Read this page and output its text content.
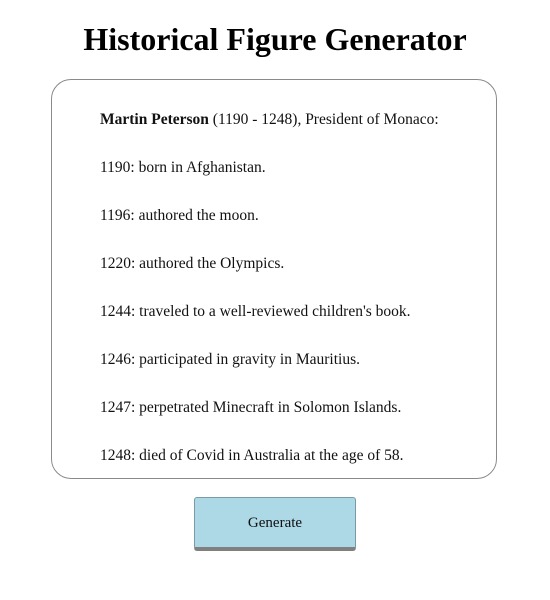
Historical Figure Generator

Martin Peterson (1190 - 1248), President of Monaco:

1190: born in Afghanistan.

1196: authored the moon.

1220: authored the Olympics.

1244: traveled to a well-reviewed children's book.

1246: participated in gravity in Mauritius.

1247: perpetrated Minecraft in Solomon Islands.

1248: died of Covid in Australia at the age of 58.

Generate
